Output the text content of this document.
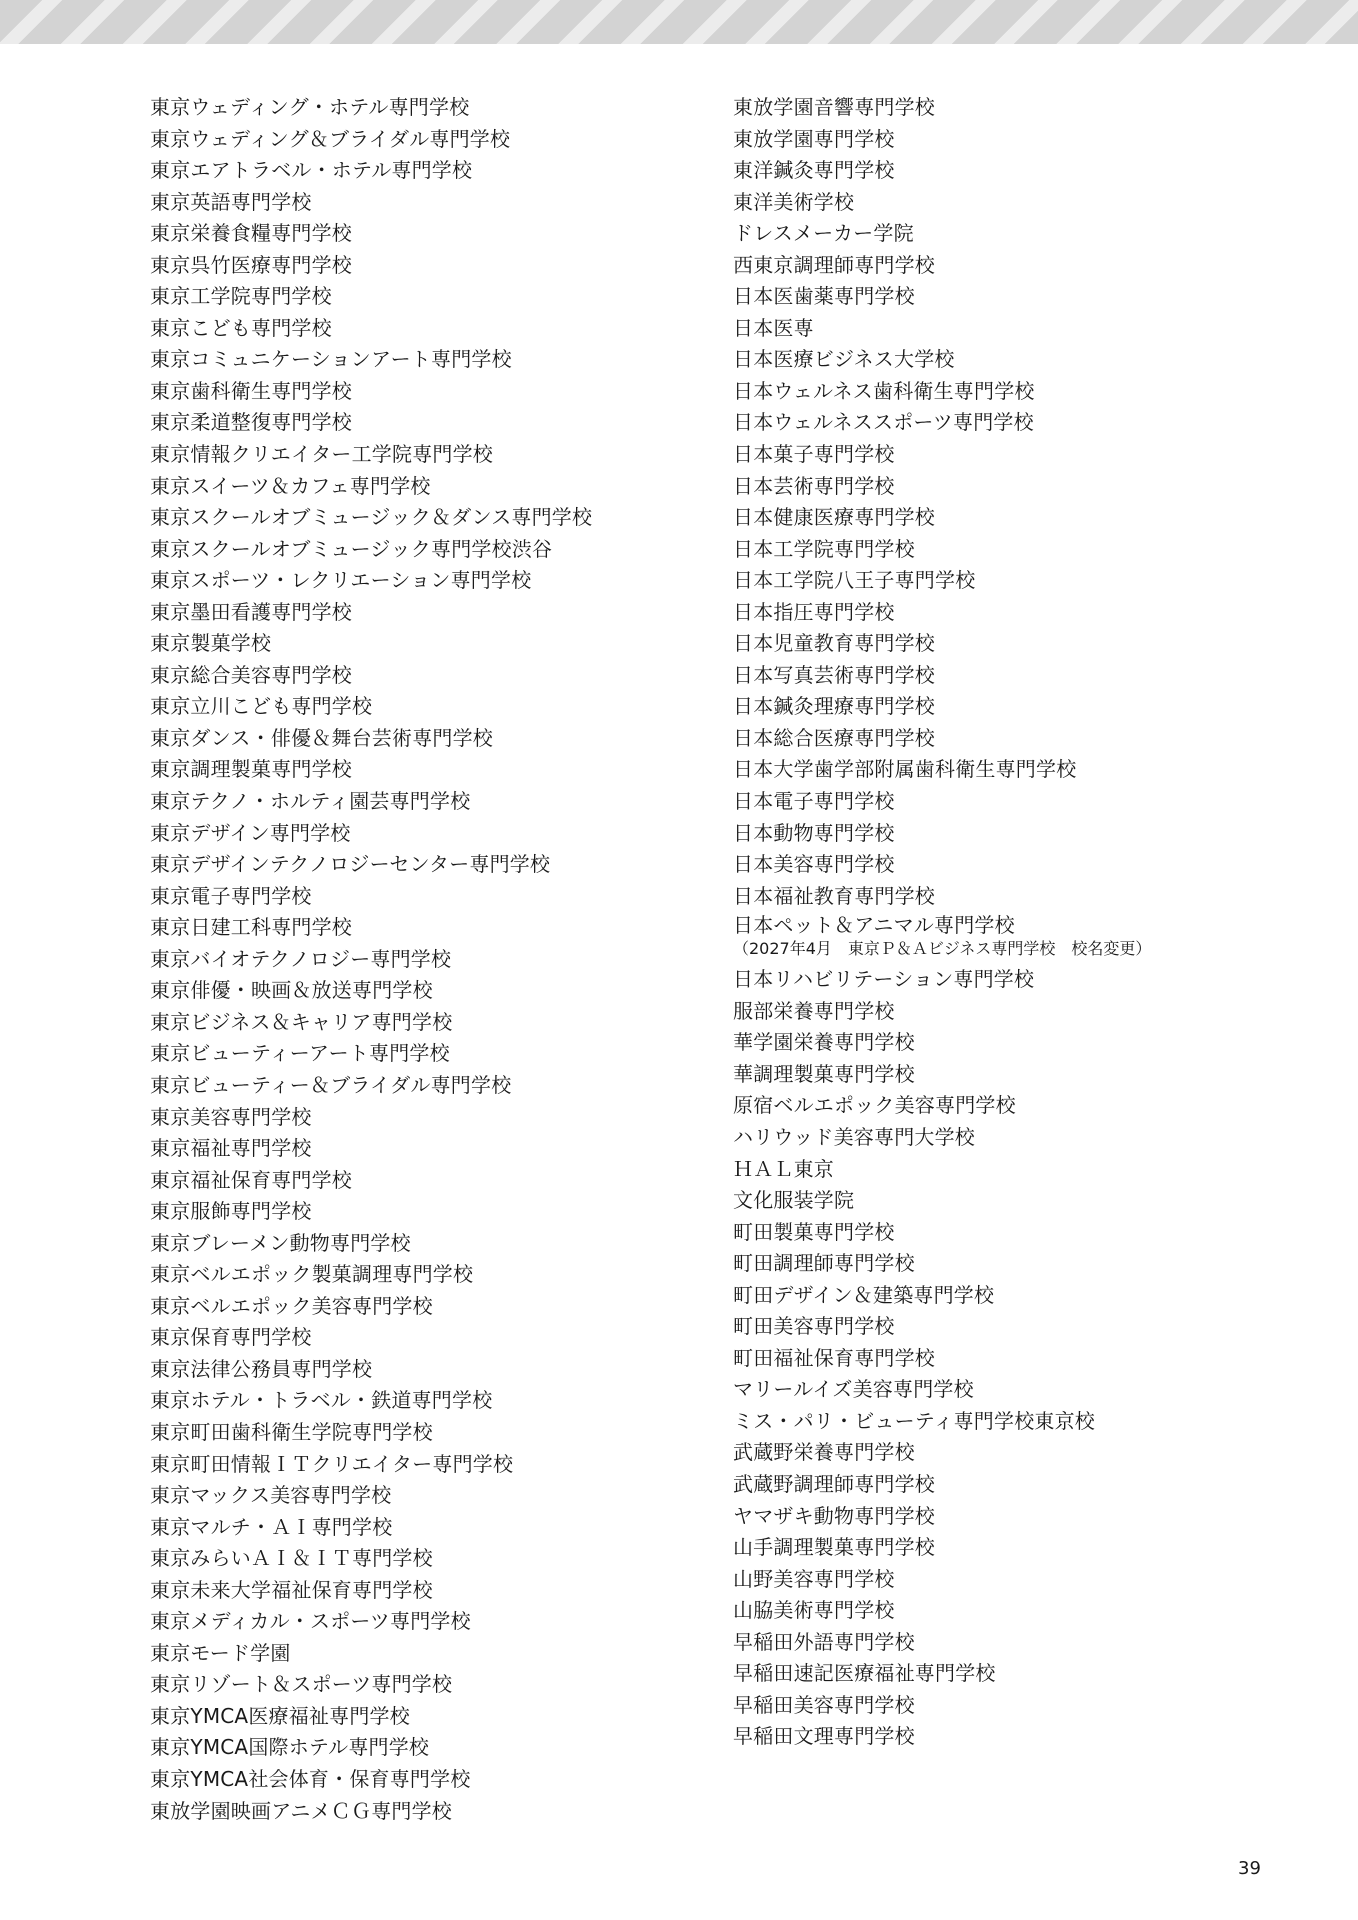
東京ウェディング・ホテル専門学校
東京ウェディング＆ブライダル専門学校
東京エアトラベル・ホテル専門学校
東京英語専門学校
東京栄養食糧専門学校
東京呉竹医療専門学校
東京工学院専門学校
東京こども専門学校
東京コミュニケーションアート専門学校
東京歯科衛生専門学校
東京柔道整復専門学校
東京情報クリエイター工学院専門学校
東京スイーツ＆カフェ専門学校
東京スクールオブミュージック＆ダンス専門学校
東京スクールオブミュージック専門学校渋谷
東京スポーツ・レクリエーション専門学校
東京墨田看護専門学校
東京製菓学校
東京総合美容専門学校
東京立川こども専門学校
東京ダンス・俳優＆舞台芸術専門学校
東京調理製菓専門学校
東京テクノ・ホルティ園芸専門学校
東京デザイン専門学校
東京デザインテクノロジーセンター専門学校
東京電子専門学校
東京日建工科専門学校
東京バイオテクノロジー専門学校
東京俳優・映画＆放送専門学校
東京ビジネス＆キャリア専門学校
東京ビューティーアート専門学校
東京ビューティー＆ブライダル専門学校
東京美容専門学校
東京福祉専門学校
東京福祉保育専門学校
東京服飾専門学校
東京ブレーメン動物専門学校
東京ベルエポック製菓調理専門学校
東京ベルエポック美容専門学校
東京保育専門学校
東京法律公務員専門学校
東京ホテル・トラベル・鉄道専門学校
東京町田歯科衛生学院専門学校
東京町田情報ＩＴクリエイター専門学校
東京マックス美容専門学校
東京マルチ・ＡＩ専門学校
東京みらいＡＩ＆ＩＴ専門学校
東京未来大学福祉保育専門学校
東京メディカル・スポーツ専門学校
東京モード学園
東京リゾート＆スポーツ専門学校
東京YMCA医療福祉専門学校
東京YMCA国際ホテル専門学校
東京YMCA社会体育・保育専門学校
東放学園映画アニメＣＧ専門学校
東放学園音響専門学校
東放学園専門学校
東洋鍼灸専門学校
東洋美術学校
ドレスメーカー学院
西東京調理師専門学校
日本医歯薬専門学校
日本医専
日本医療ビジネス大学校
日本ウェルネス歯科衛生専門学校
日本ウェルネススポーツ専門学校
日本菓子専門学校
日本芸術専門学校
日本健康医療専門学校
日本工学院専門学校
日本工学院八王子専門学校
日本指圧専門学校
日本児童教育専門学校
日本写真芸術専門学校
日本鍼灸理療専門学校
日本総合医療専門学校
日本大学歯学部附属歯科衛生専門学校
日本電子専門学校
日本動物専門学校
日本美容専門学校
日本福祉教育専門学校
日本ペット＆アニマル専門学校
（2027年4月　東京Ｐ＆Ａビジネス専門学校　校名変更）
日本リハビリテーション専門学校
服部栄養専門学校
華学園栄養専門学校
華調理製菓専門学校
原宿ベルエポック美容専門学校
ハリウッド美容専門大学校
ＨＡＬ東京
文化服装学院
町田製菓専門学校
町田調理師専門学校
町田デザイン＆建築専門学校
町田美容専門学校
町田福祉保育専門学校
マリールイズ美容専門学校
ミス・パリ・ビューティ専門学校東京校
武蔵野栄養専門学校
武蔵野調理師専門学校
ヤマザキ動物専門学校
山手調理製菓専門学校
山野美容専門学校
山脇美術専門学校
早稲田外語専門学校
早稲田速記医療福祉専門学校
早稲田美容専門学校
早稲田文理専門学校
39
